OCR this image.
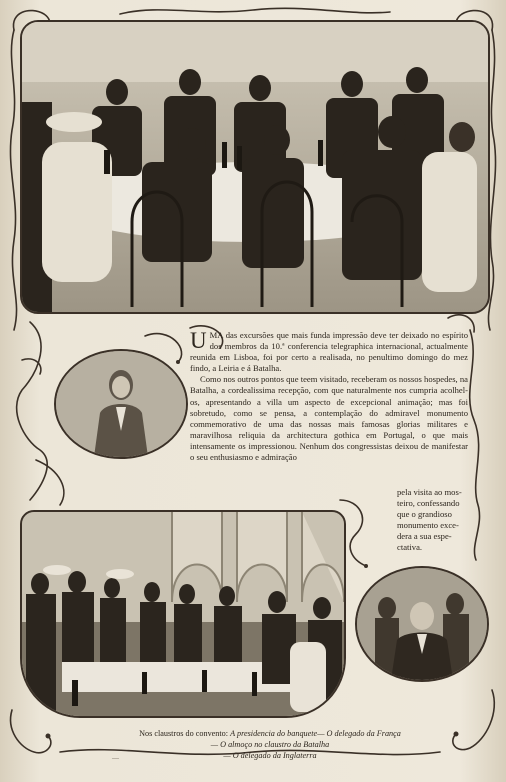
UMA das excursões que mais funda impressão deve ter deixado no espírito dos membros da 10.ª conferencia telegraphica internacional, actualmente reunida em Lisboa, foi por certo a realisada, no penultimo domingo do mez findo, a Leiria e á Batalha.

Como nos outros pontos que teem visitado, receberam os nossos hospedes, na Batalha, a cordealissima recepção, com que naturalmente nos cumpria acolhel-os, apresentando a villa um aspecto de excepcional animação; mas foi sobretudo, como se pensa, a contemplação do admiravel monumento commemorativo de uma das nossas mais famosas glorias militares e maravilhosa reliquia da architectura gothica em Portugal, o que mais intensamente os impressionou. Nenhum dos congressistas deixou de manifestar o seu enthusiasmo e admiração

pela visita ao mos-
teiro, confessando
que o grandioso
monumento exce-
dera a sua espe-
ctativa.
Nos claustros do convento: A presidencia do banquete— O delegado da França
— O almoço no claustro da Batalha
— O delegado da Inglaterra
—
